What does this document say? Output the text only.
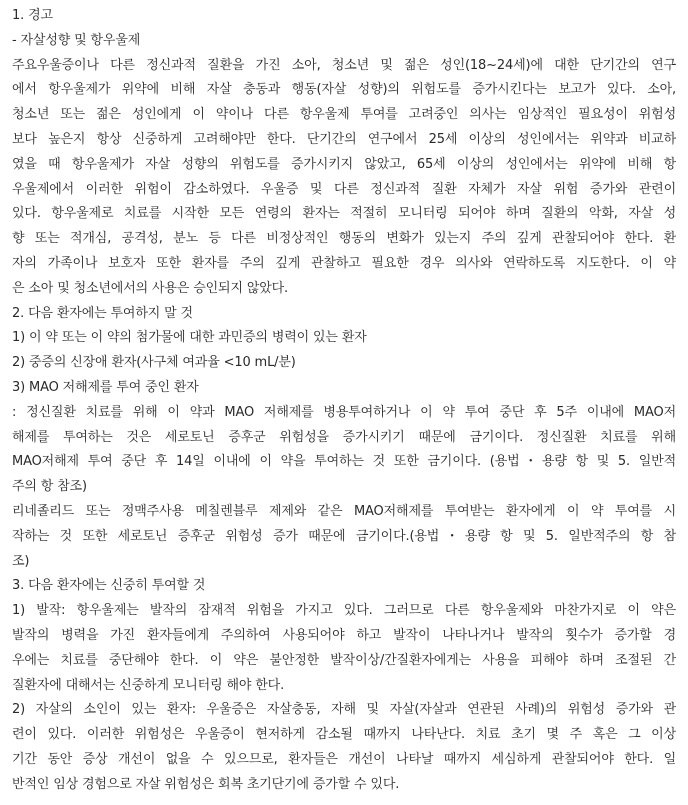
1. 경고
- 자살성향 및 항우울제
주요우울증이나 다른 정신과적 질환을 가진 소아, 청소년 및 젊은 성인(18~24세)에 대한 단기간의 연구
에서 항우울제가 위약에 비해 자살 충동과 행동(자살 성향)의 위험도를 증가시킨다는 보고가 있다. 소아,
청소년 또는 젊은 성인에게 이 약이나 다른 항우울제 투여를 고려중인 의사는 임상적인 필요성이 위험성
보다 높은지 항상 신중하게 고려해야만 한다. 단기간의 연구에서 25세 이상의 성인에서는 위약과 비교하
였을 때 항우울제가 자살 성향의 위험도를 증가시키지 않았고, 65세 이상의 성인에서는 위약에 비해 항
우울제에서 이러한 위험이 감소하였다. 우울증 및 다른 정신과적 질환 자체가 자살 위험 증가와 관련이
있다. 항우울제로 치료를 시작한 모든 연령의 환자는 적절히 모니터링 되어야 하며 질환의 악화, 자살 성
향 또는 적개심, 공격성, 분노 등 다른 비정상적인 행동의 변화가 있는지 주의 깊게 관찰되어야 한다. 환
자의 가족이나 보호자 또한 환자를 주의 깊게 관찰하고 필요한 경우 의사와 연락하도록 지도한다. 이 약
은 소아 및 청소년에서의 사용은 승인되지 않았다.
2. 다음 환자에는 투여하지 말 것
1) 이 약 또는 이 약의 첨가물에 대한 과민증의 병력이 있는 환자
2) 중증의 신장애 환자(사구체 여과율 <10 mL/분)
3) MAO 저해제를 투여 중인 환자
: 정신질환 치료를 위해 이 약과 MAO 저해제를 병용투여하거나 이 약 투여 중단 후 5주 이내에 MAO저
해제를 투여하는 것은 세로토닌 증후군 위험성을 증가시키기 때문에 금기이다. 정신질환 치료를 위해
MAO저해제 투여 중단 후 14일 이내에 이 약을 투여하는 것 또한 금기이다. (용법・용량 항 및 5. 일반적
주의 항 참조)
리네졸리드 또는 정맥주사용 메칠렌블루 제제와 같은 MAO저해제를 투여받는 환자에게 이 약 투여를 시
작하는 것 또한 세로토닌 증후군 위험성 증가 때문에 금기이다.(용법・용량 항 및 5. 일반적주의 항 참
조)
3. 다음 환자에는 신중히 투여할 것
1) 발작: 항우울제는 발작의 잠재적 위험을 가지고 있다. 그러므로 다른 항우울제와 마찬가지로 이 약은
발작의 병력을 가진 환자들에게 주의하여 사용되어야 하고 발작이 나타나거나 발작의 횟수가 증가할 경
우에는 치료를 중단해야 한다. 이 약은 불안정한 발작이상/간질환자에게는 사용을 피해야 하며 조절된 간
질환자에 대해서는 신중하게 모니터링 해야 한다.
2) 자살의 소인이 있는 환자: 우울증은 자살충동, 자해 및 자살(자살과 연관된 사례)의 위험성 증가와 관
련이 있다. 이러한 위험성은 우울증이 현저하게 감소될 때까지 나타난다. 치료 초기 몇 주 혹은 그 이상
기간 동안 증상 개선이 없을 수 있으므로, 환자들은 개선이 나타날 때까지 세심하게 관찰되어야 한다. 일
반적인 임상 경험으로 자살 위험성은 회복 초기단기에 증가할 수 있다.
